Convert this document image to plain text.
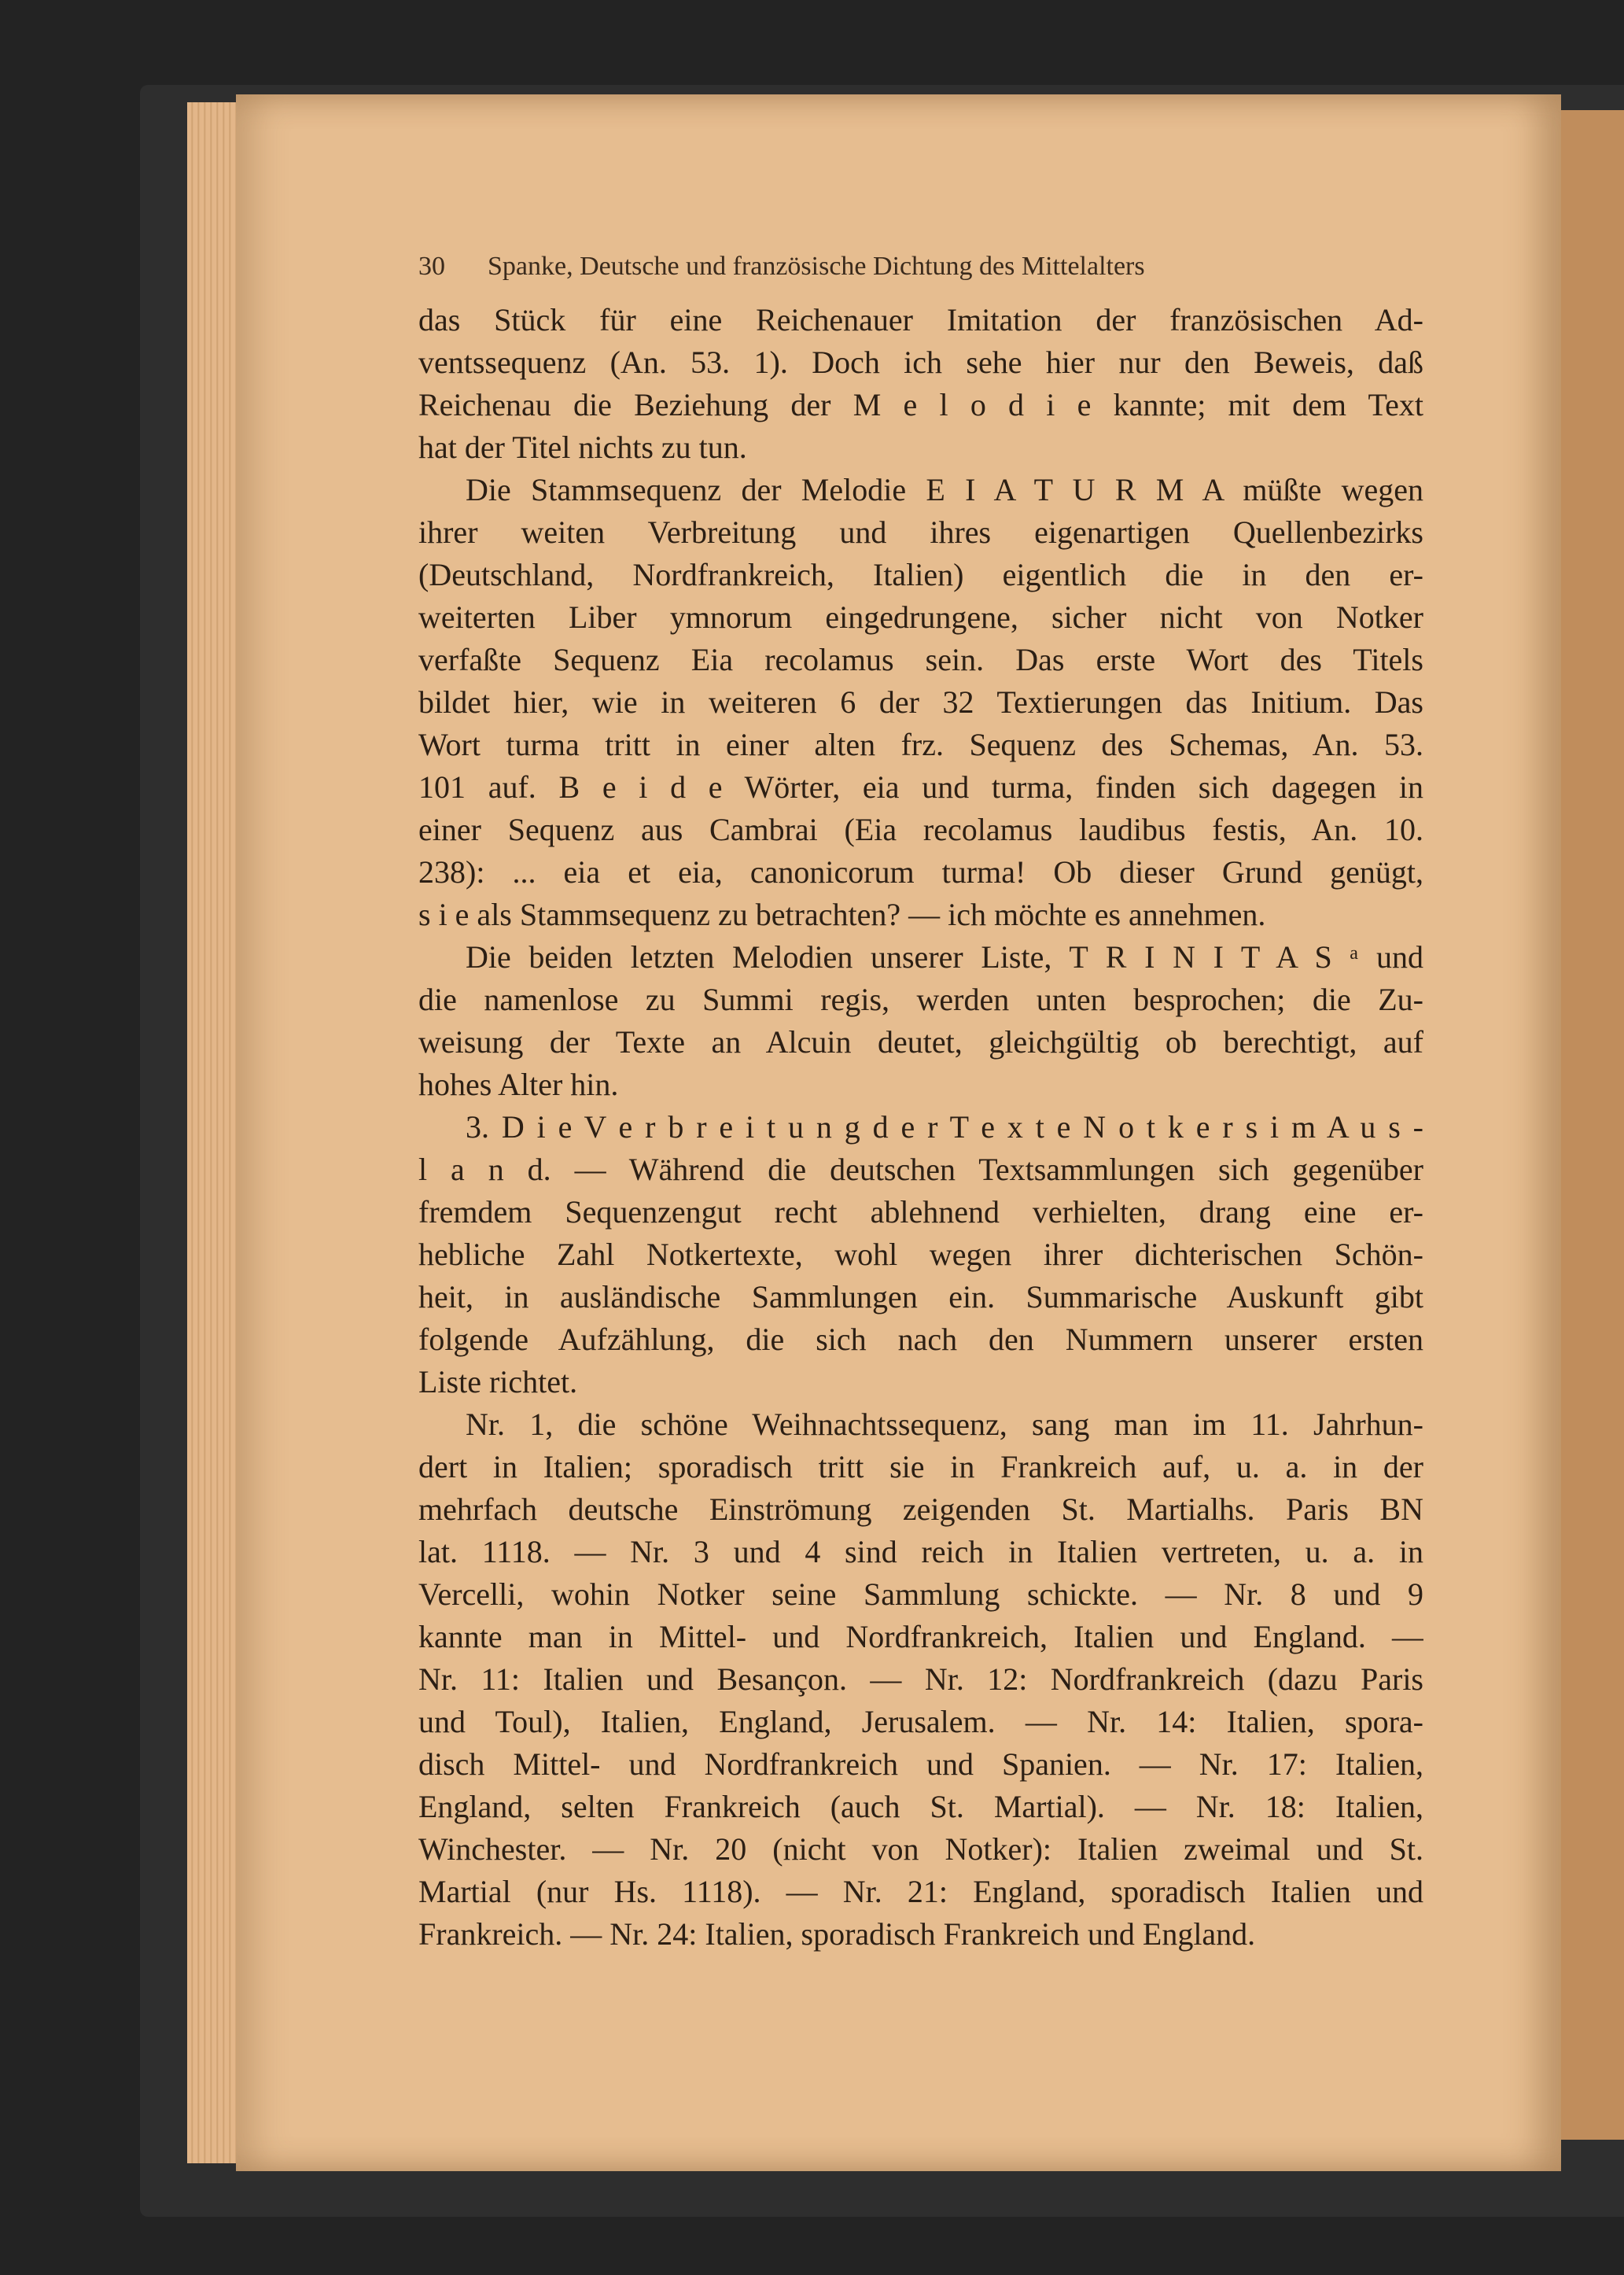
30 Spanke, Deutsche und französische Dichtung des Mittelalters
das Stück für eine Reichenauer Imitation der französischen Ad-
ventssequenz (An. 53. 1). Doch ich sehe hier nur den Beweis, daß
Reichenau die Beziehung der M e l o d i e kannte; mit dem Text
hat der Titel nichts zu tun.
Die Stammsequenz der Melodie E I A T U R M A müßte wegen
ihrer weiten Verbreitung und ihres eigenartigen Quellenbezirks
(Deutschland, Nordfrankreich, Italien) eigentlich die in den er-
weiterten Liber ymnorum eingedrungene, sicher nicht von Notker
verfaßte Sequenz Eia recolamus sein. Das erste Wort des Titels
bildet hier, wie in weiteren 6 der 32 Textierungen das Initium. Das
Wort turma tritt in einer alten frz. Sequenz des Schemas, An. 53.
101 auf. B e i d e Wörter, eia und turma, finden sich dagegen in
einer Sequenz aus Cambrai (Eia recolamus laudibus festis, An. 10.
238): ... eia et eia, canonicorum turma! Ob dieser Grund genügt,
s i e als Stammsequenz zu betrachten? — ich möchte es annehmen.
Die beiden letzten Melodien unserer Liste, T R I N I T A S ᵃ und
die namenlose zu Summi regis, werden unten besprochen; die Zu-
weisung der Texte an Alcuin deutet, gleichgültig ob berechtigt, auf
hohes Alter hin.
3. D i e V e r b r e i t u n g d e r T e x t e N o t k e r s i m A u s -
l a n d. — Während die deutschen Textsammlungen sich gegenüber
fremdem Sequenzengut recht ablehnend verhielten, drang eine er-
hebliche Zahl Notkertexte, wohl wegen ihrer dichterischen Schön-
heit, in ausländische Sammlungen ein. Summarische Auskunft gibt
folgende Aufzählung, die sich nach den Nummern unserer ersten
Liste richtet.
Nr. 1, die schöne Weihnachtssequenz, sang man im 11. Jahrhun-
dert in Italien; sporadisch tritt sie in Frankreich auf, u. a. in der
mehrfach deutsche Einströmung zeigenden St. Martialhs. Paris BN
lat. 1118. — Nr. 3 und 4 sind reich in Italien vertreten, u. a. in
Vercelli, wohin Notker seine Sammlung schickte. — Nr. 8 und 9
kannte man in Mittel- und Nordfrankreich, Italien und England. —
Nr. 11: Italien und Besançon. — Nr. 12: Nordfrankreich (dazu Paris
und Toul), Italien, England, Jerusalem. — Nr. 14: Italien, spora-
disch Mittel- und Nordfrankreich und Spanien. — Nr. 17: Italien,
England, selten Frankreich (auch St. Martial). — Nr. 18: Italien,
Winchester. — Nr. 20 (nicht von Notker): Italien zweimal und St.
Martial (nur Hs. 1118). — Nr. 21: England, sporadisch Italien und
Frankreich. — Nr. 24: Italien, sporadisch Frankreich und England.
